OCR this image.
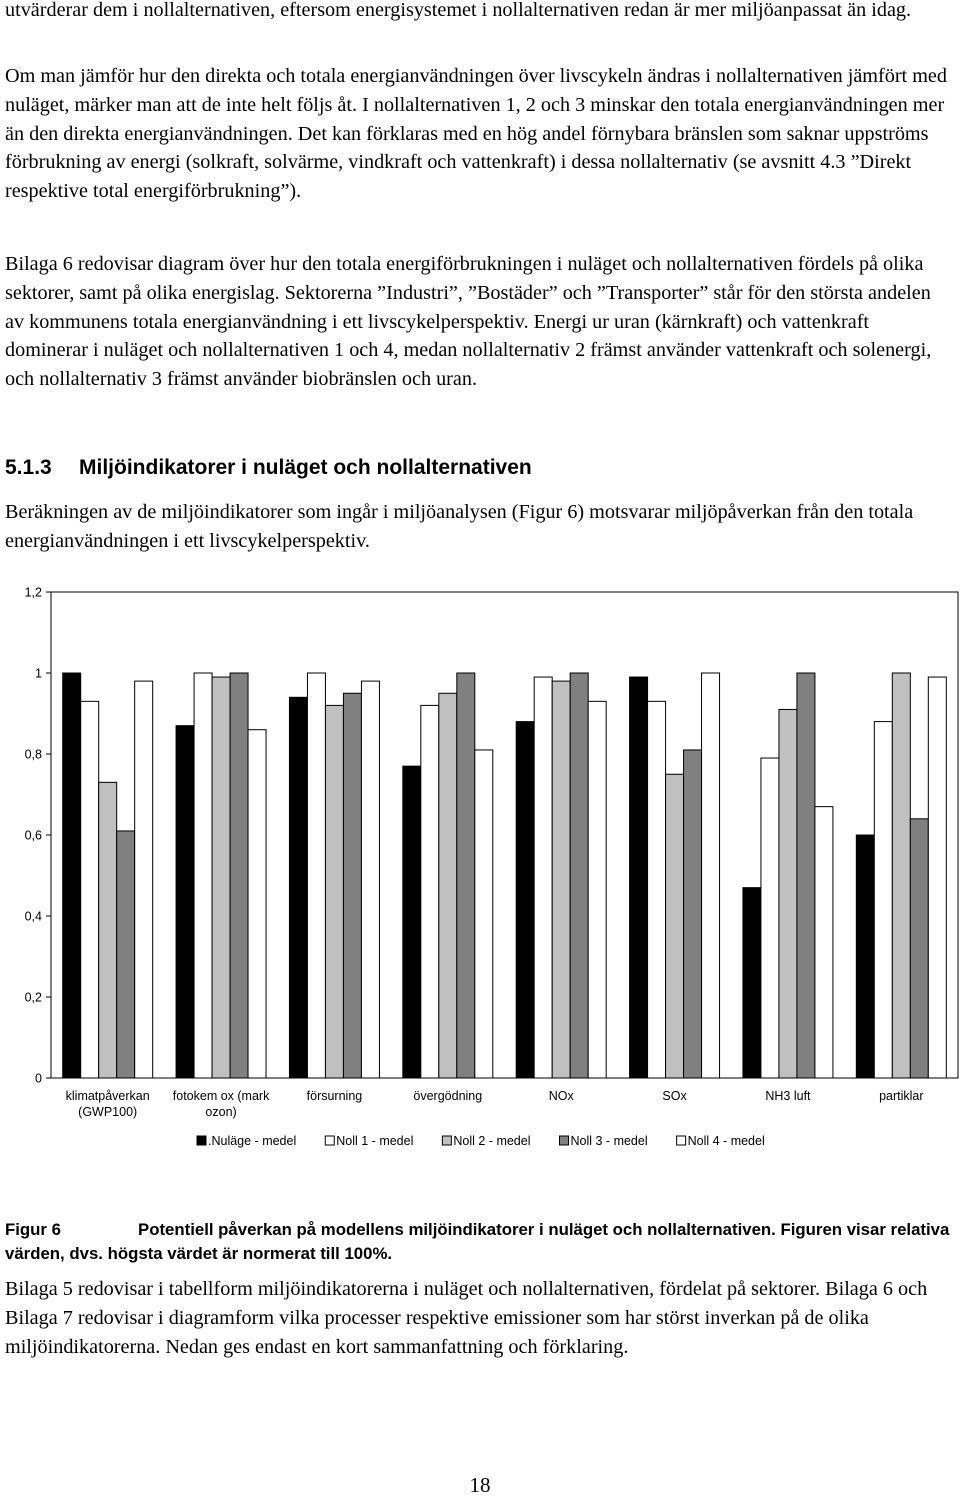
utvärderar dem i nollalternativen, eftersom energisystemet i nollalternativen redan är mer miljöanpassat än idag.

Om man jämför hur den direkta och totala energianvändningen över livscykeln ändras i nollalternativen jämfört med nuläget, märker man att de inte helt följs åt. I nollalternativen 1, 2 och 3 minskar den totala energianvändningen mer än den direkta energianvändningen. Det kan förklaras med en hög andel förnybara bränslen som saknar uppströms förbrukning av energi (solkraft, solvärme, vindkraft och vattenkraft) i dessa nollalternativ (se avsnitt 4.3 ”Direkt respektive total energiförbrukning”).

Bilaga 6 redovisar diagram över hur den totala energiförbrukningen i nuläget och nollalternativen fördels på olika sektorer, samt på olika energislag. Sektorerna ”Industri”, ”Bostäder” och ”Transporter” står för den största andelen av kommunens totala energianvändning i ett livscykelperspektiv. Energi ur uran (kärnkraft) och vattenkraft dominerar i nuläget och nollalternativen 1 och 4, medan nollalternativ 2 främst använder vattenkraft och solenergi, och nollalternativ 3 främst använder biobränslen och uran.

5.1.3 Miljöindikatorer i nuläget och nollalternativen

Beräkningen av de miljöindikatorer som ingår i miljöanalysen (Figur 6) motsvarar miljöpåverkan från den totala energianvändningen i ett livscykelperspektiv.

0
0,2
0,4
0,6
0,8
1
1,2
klimatpåverkan (GWP100)
fotokem ox (mark ozon)
försurning	övergödning	NOx	SOx	NH3 luft	partiklar
.Nuläge - medel	Noll 1 - medel	Noll 2 - medel	Noll 3 - medel	Noll 4 - medel

Figur 6	Potentiell påverkan på modellens miljöindikatorer i nuläget och nollalternativen. Figuren visar relativa värden, dvs. högsta värdet är normerat till 100%.

Bilaga 5 redovisar i tabellform miljöindikatorerna i nuläget och nollalternativen, fördelat på sektorer. Bilaga 6 och Bilaga 7 redovisar i diagramform vilka processer respektive emissioner som har störst inverkan på de olika miljöindikatorerna. Nedan ges endast en kort sammanfattning och förklaring.

18
